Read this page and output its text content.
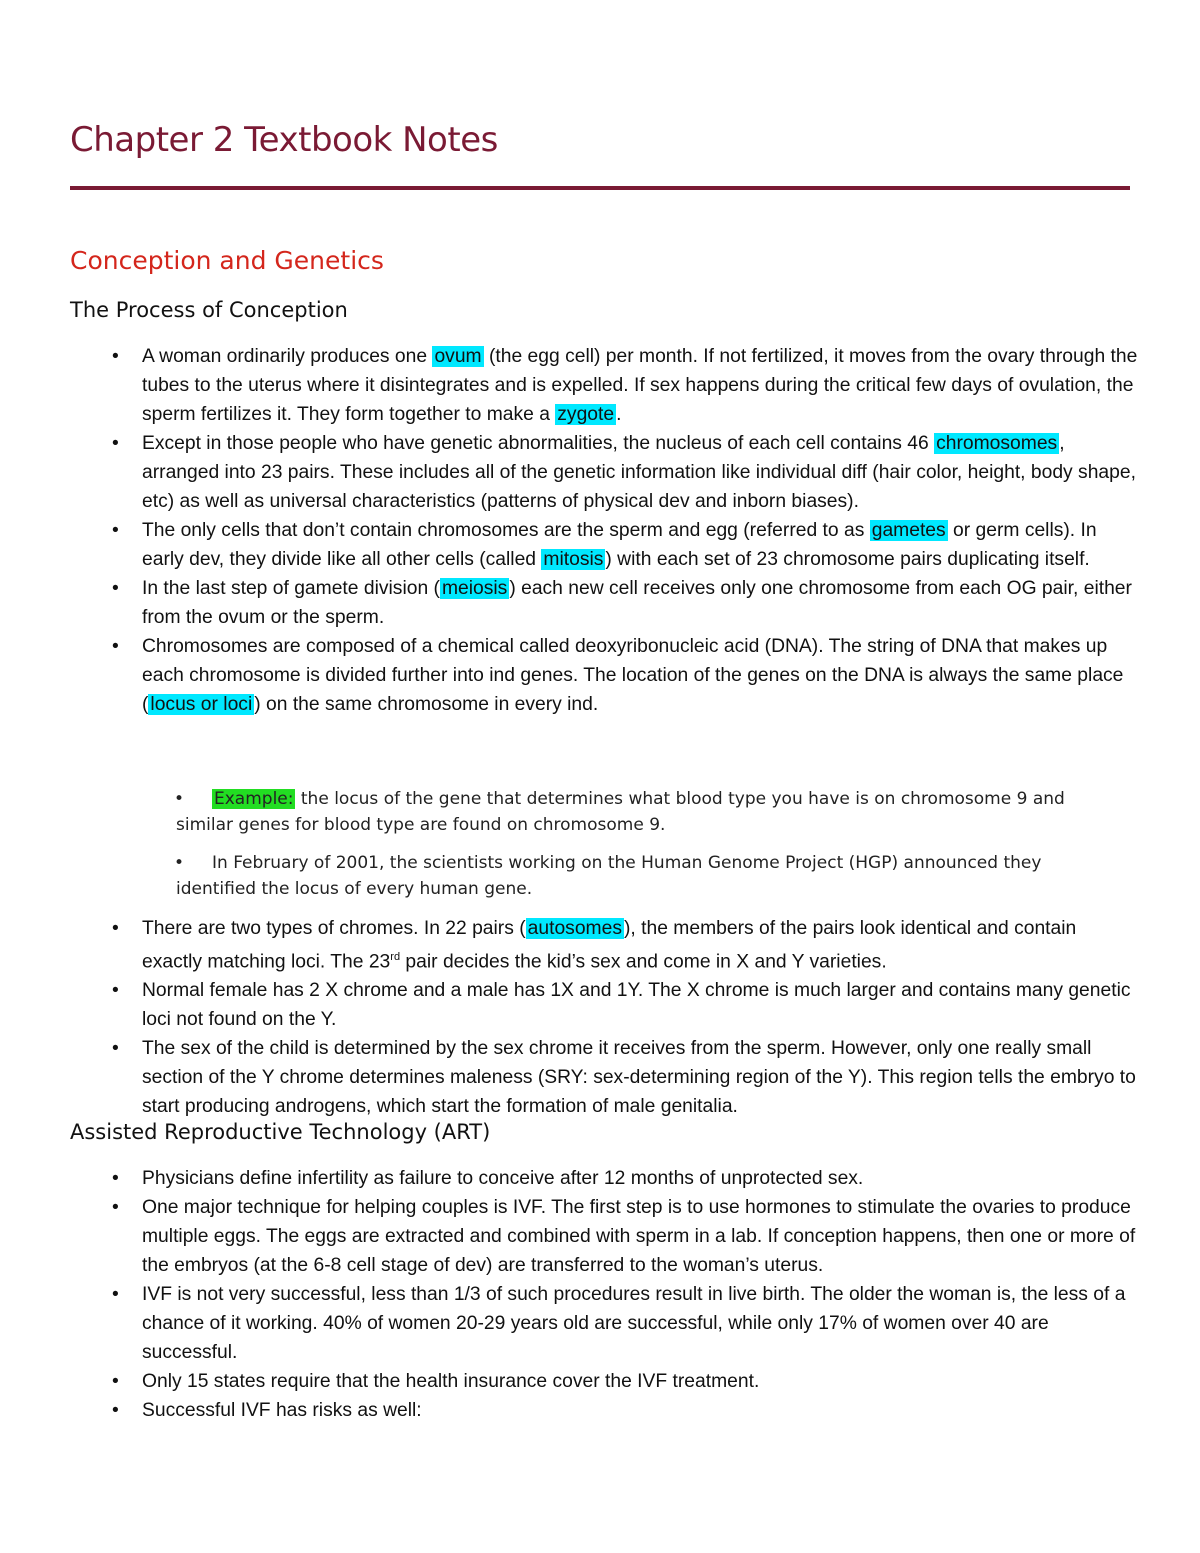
Chapter 2 Textbook Notes
Conception and Genetics
The Process of Conception
• A woman ordinarily produces one ovum (the egg cell) per month. If not fertilized, it moves from the ovary through the tubes to the uterus where it disintegrates and is expelled. If sex happens during the critical few days of ovulation, the sperm fertilizes it. They form together to make a zygote .
• Except in those people who have genetic abnormalities, the nucleus of each cell contains 46 chromosomes , arranged into 23 pairs. These includes all of the genetic information like individual diff (hair color, height, body shape, etc) as well as universal characteristics (patterns of physical dev and inborn biases).
• The only cells that don’t contain chromosomes are the sperm and egg (referred to as gametes or germ cells). In early dev, they divide like all other cells (called mitosis ) with each set of 23 chromosome pairs duplicating itself.
• In the last step of gamete division ( meiosis ) each new cell receives only one chromosome from each OG pair, either from the ovum or the sperm.
• Chromosomes are composed of a chemical called deoxyribonucleic acid (DNA). The string of DNA that makes up each chromosome is divided further into ind genes. The location of the genes on the DNA is always the same place ( locus or loci ) on the same chromosome in every ind.
• Example: the locus of the gene that determines what blood type you have is on chromosome 9 and similar genes for blood type are found on chromosome 9.
• In February of 2001, the scientists working on the Human Genome Project (HGP) announced they identified the locus of every human gene.
• There are two types of chromes. In 22 pairs ( autosomes ), the members of the pairs look identical and contain exactly matching loci. The 23rd pair decides the kid’s sex and come in X and Y varieties.
• Normal female has 2 X chrome and a male has 1X and 1Y. The X chrome is much larger and contains many genetic loci not found on the Y.
• The sex of the child is determined by the sex chrome it receives from the sperm. However, only one really small section of the Y chrome determines maleness (SRY: sex-determining region of the Y). This region tells the embryo to start producing androgens, which start the formation of male genitalia.
Assisted Reproductive Technology (ART)
• Physicians define infertility as failure to conceive after 12 months of unprotected sex.
• One major technique for helping couples is IVF. The first step is to use hormones to stimulate the ovaries to produce multiple eggs. The eggs are extracted and combined with sperm in a lab. If conception happens, then one or more of the embryos (at the 6-8 cell stage of dev) are transferred to the woman’s uterus.
• IVF is not very successful, less than 1/3 of such procedures result in live birth. The older the woman is, the less of a chance of it working. 40% of women 20-29 years old are successful, while only 17% of women over 40 are successful.
• Only 15 states require that the health insurance cover the IVF treatment.
• Successful IVF has risks as well:
